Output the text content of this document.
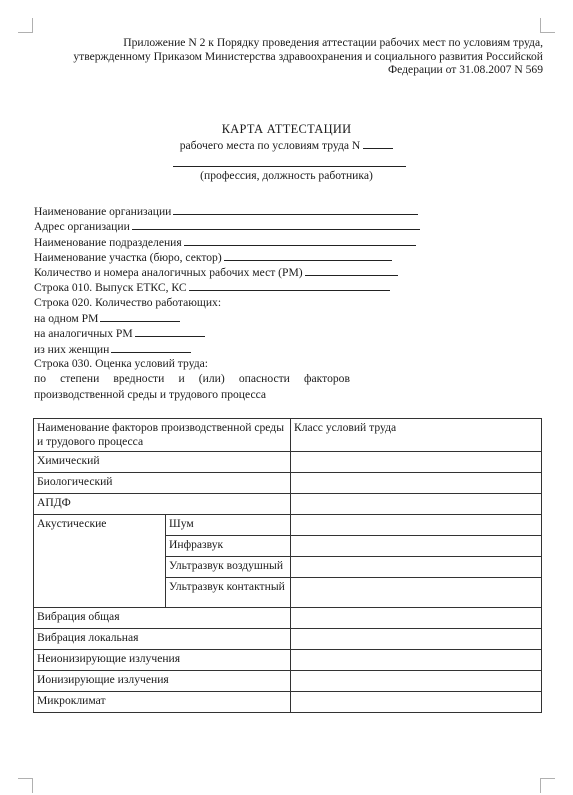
Приложение N 2 к Порядку проведения аттестации рабочих мест по условиям труда,
утвержденному Приказом Министерства здравоохранения и социального развития Российской
Федерации от 31.08.2007 N 569
КАРТА АТТЕСТАЦИИ
рабочего места по условиям труда N
(профессия, должность работника)
Наименование организации
Адрес организации
Наименование подразделения
Наименование участка (бюро, сектор)
Количество и номера аналогичных рабочих мест (РМ)
Строка 010. Выпуск ЕТКС, КС
Строка 020. Количество работающих:
на одном РМ
на аналогичных РМ
из них женщин
Строка 030. Оценка условий труда:
по степени вредности и (или) опасности факторов
производственной среды и трудового процесса
Наименование факторов производственной среды и трудового процесса		Класс условий труда
Химический		
Биологический		
АПДФ		
Акустические	Шум	
	Инфразвук	
	Ультразвук воздушный	
	Ультразвук контактный	
Вибрация общая		
Вибрация локальная		
Неионизирующие излучения		
Ионизирующие излучения		
Микроклимат		
